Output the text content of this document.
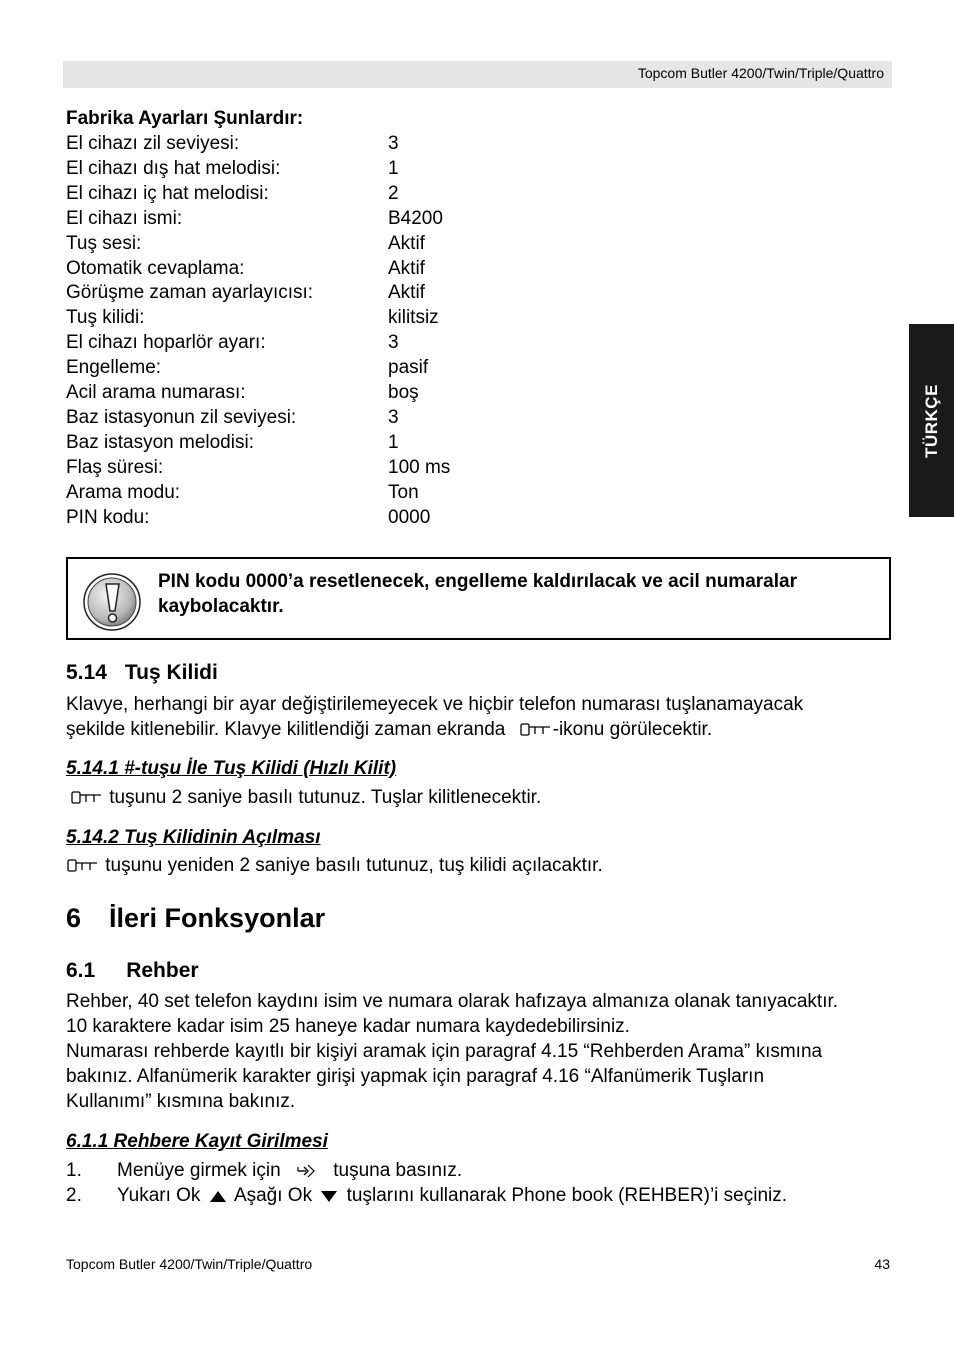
Topcom Butler 4200/Twin/Triple/Quattro
TÜRKÇE
Fabrika Ayarları Şunlardır:
El cihazı zil seviyesi:	3
El cihazı dış hat melodisi:	1
El cihazı iç hat melodisi:	2
El cihazı ismi:	B4200
Tuş sesi:	Aktif
Otomatik cevaplama:	Aktif
Görüşme zaman ayarlayıcısı:	Aktif
Tuş kilidi:	kilitsiz
El cihazı hoparlör ayarı:	3
Engelleme:	pasif
Acil arama numarası:	boş
Baz istasyonun zil seviyesi:	3
Baz istasyon melodisi:	1
Flaş süresi:	100 ms
Arama modu:	Ton
PIN kodu:	0000
PIN kodu 0000’a resetlenecek, engelleme kaldırılacak ve acil numaralar
kaybolacaktır.
5.14 Tuş Kilidi
Klavye, herhangi bir ayar değiştirilemeyecek ve hiçbir telefon numarası tuşlanamayacak
şekilde kitlenebilir. Klavye kilitlendiği zaman ekranda -ikonu görülecektir.
5.14.1 #-tuşu İle Tuş Kilidi (Hızlı Kilit)
tuşunu 2 saniye basılı tutunuz. Tuşlar kilitlenecektir.
5.14.2 Tuş Kilidinin Açılması
tuşunu yeniden 2 saniye basılı tutunuz, tuş kilidi açılacaktır.
6 İleri Fonksyonlar
6.1 Rehber
Rehber, 40 set telefon kaydını isim ve numara olarak hafızaya almanıza olanak tanıyacaktır.
10 karaktere kadar isim 25 haneye kadar numara kaydedebilirsiniz.
Numarası rehberde kayıtlı bir kişiyi aramak için paragraf 4.15 “Rehberden Arama” kısmına
bakınız. Alfanümerik karakter girişi yapmak için paragraf 4.16 “Alfanümerik Tuşların
Kullanımı” kısmına bakınız.
6.1.1 Rehbere Kayıt Girilmesi
1. Menüye girmek için	tuşuna basınız.
2. Yukarı Ok Aşağı Ok tuşlarını kullanarak Phone book (REHBER)’i seçiniz.
Topcom Butler 4200/Twin/Triple/Quattro	43
